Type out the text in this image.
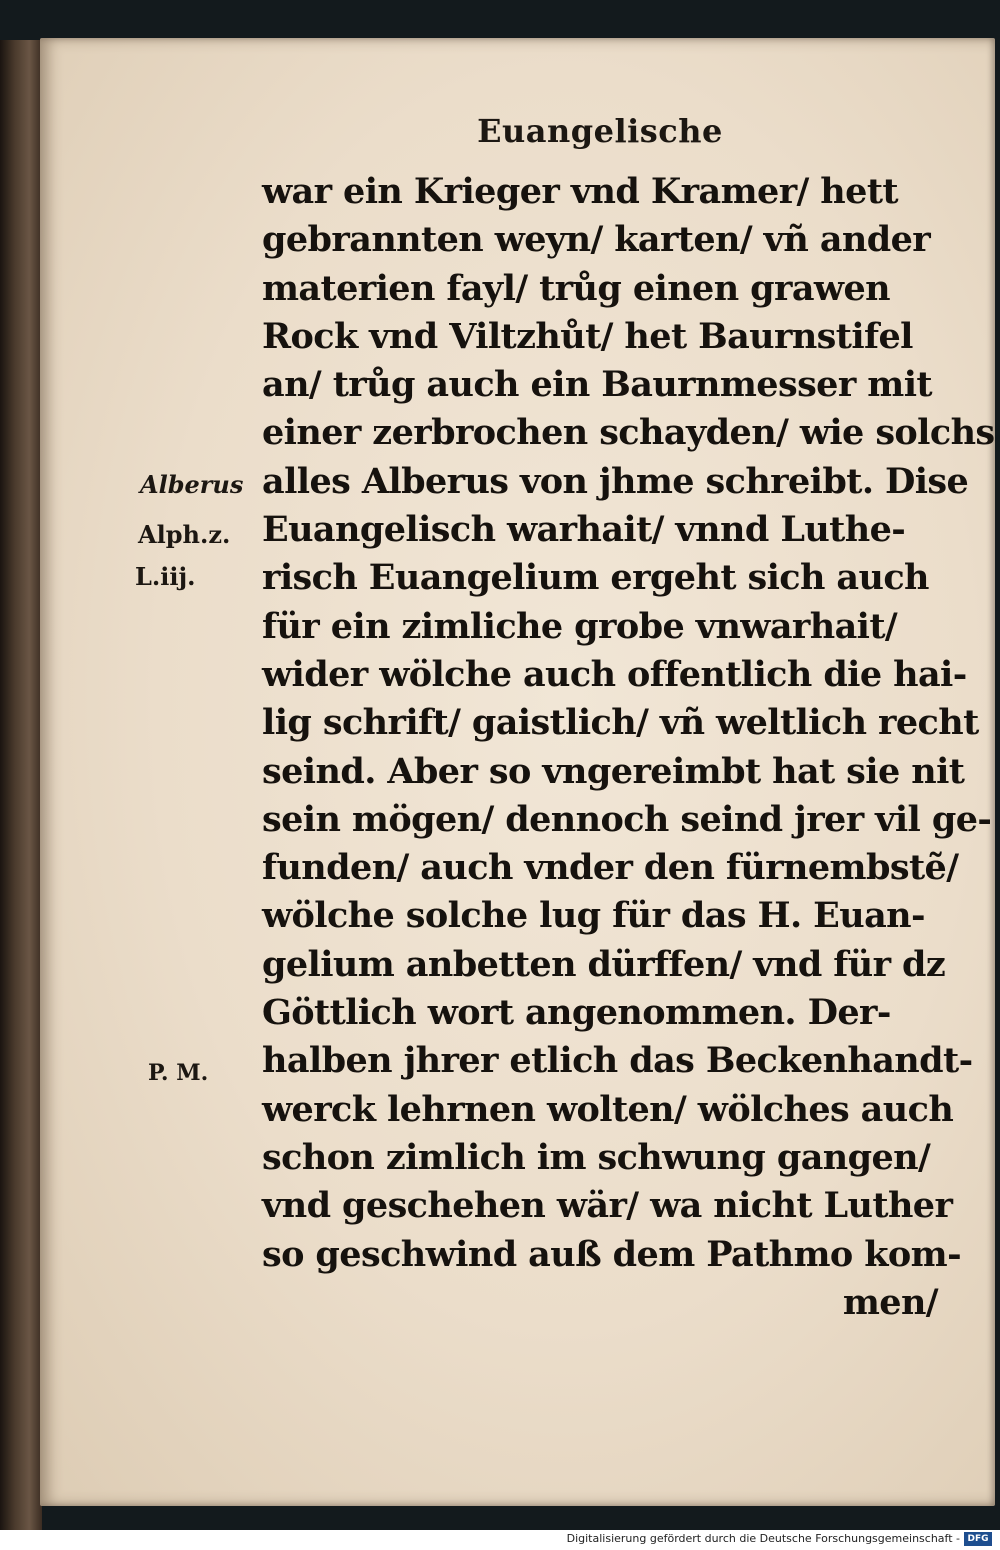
Euangelische
Alberus
Alph.z.
L.iij.
P. M.
war ein Krieger vnd Kramer/ hett
gebrannten weyn/ karten/ vñ ander
materien fayl/ trůg einen grawen
Rock vnd Viltzhůt/ het Baurnstifel
an/ trůg auch ein Baurnmesser mit
einer zerbrochen schayden/ wie solchs
alles Alberus von jhme schreibt. Dise
Euangelisch warhait/ vnnd Luthe-
risch Euangelium ergeht sich auch
für ein zimliche grobe vnwarhait/
wider wölche auch offentlich die hai-
lig schrift/ gaistlich/ vñ weltlich recht
seind. Aber so vngereimbt hat sie nit
sein mögen/ dennoch seind jrer vil ge-
funden/ auch vnder den fürnembstẽ/
wölche solche lug für das H. Euan-
gelium anbetten dürffen/ vnd für dz
Göttlich wort angenommen. Der-
halben jhrer etlich das Beckenhandt-
werck lehrnen wolten/ wölches auch
schon zimlich im schwung gangen/
vnd geschehen wär/ wa nicht Luther
so geschwind auß dem Pathmo kom-
men/
Digitalisierung gefördert durch die Deutsche Forschungsgemeinschaft - DFG
